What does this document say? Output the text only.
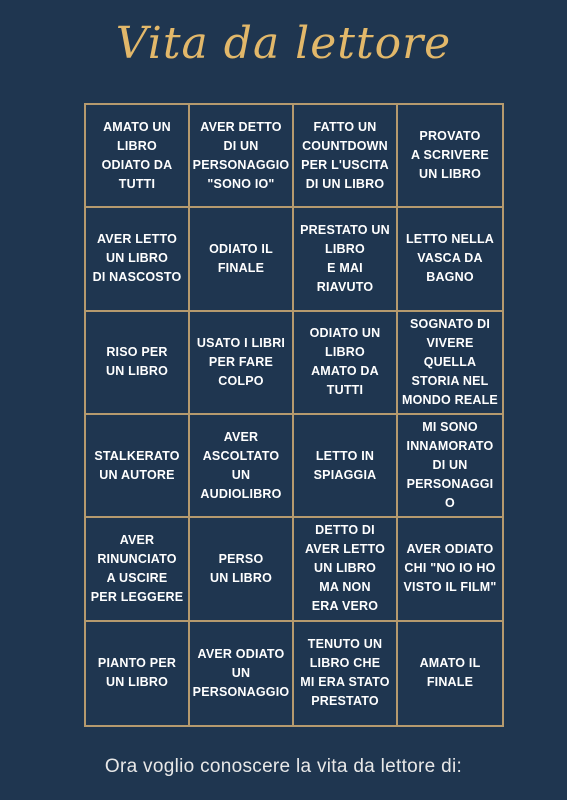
Vita da lettore
AMATO UN
LIBRO
ODIATO DA
TUTTI
AVER DETTO
DI UN
PERSONAGGIO
"SONO IO"
FATTO UN
COUNTDOWN
PER L'USCITA
DI UN LIBRO
PROVATO
A SCRIVERE
UN LIBRO
AVER LETTO
UN LIBRO
DI NASCOSTO
ODIATO IL
FINALE
PRESTATO UN
LIBRO
E MAI
RIAVUTO
LETTO NELLA
VASCA DA
BAGNO
RISO PER
UN LIBRO
USATO I LIBRI
PER FARE
COLPO
ODIATO UN
LIBRO
AMATO DA
TUTTI
SOGNATO DI
VIVERE
QUELLA
STORIA NEL
MONDO REALE
STALKERATO
UN AUTORE
AVER
ASCOLTATO
UN
AUDIOLIBRO
LETTO IN
SPIAGGIA
MI SONO
INNAMORATO
DI UN
PERSONAGGI
O
AVER
RINUNCIATO
A USCIRE
PER LEGGERE
PERSO
UN LIBRO
DETTO DI
AVER LETTO
UN LIBRO
MA NON
ERA VERO
AVER ODIATO
CHI "NO IO HO
VISTO IL FILM"
PIANTO PER
UN LIBRO
AVER ODIATO
UN
PERSONAGGIO
TENUTO UN
LIBRO CHE
MI ERA STATO
PRESTATO
AMATO IL
FINALE
Ora voglio conoscere la vita da lettore di:
